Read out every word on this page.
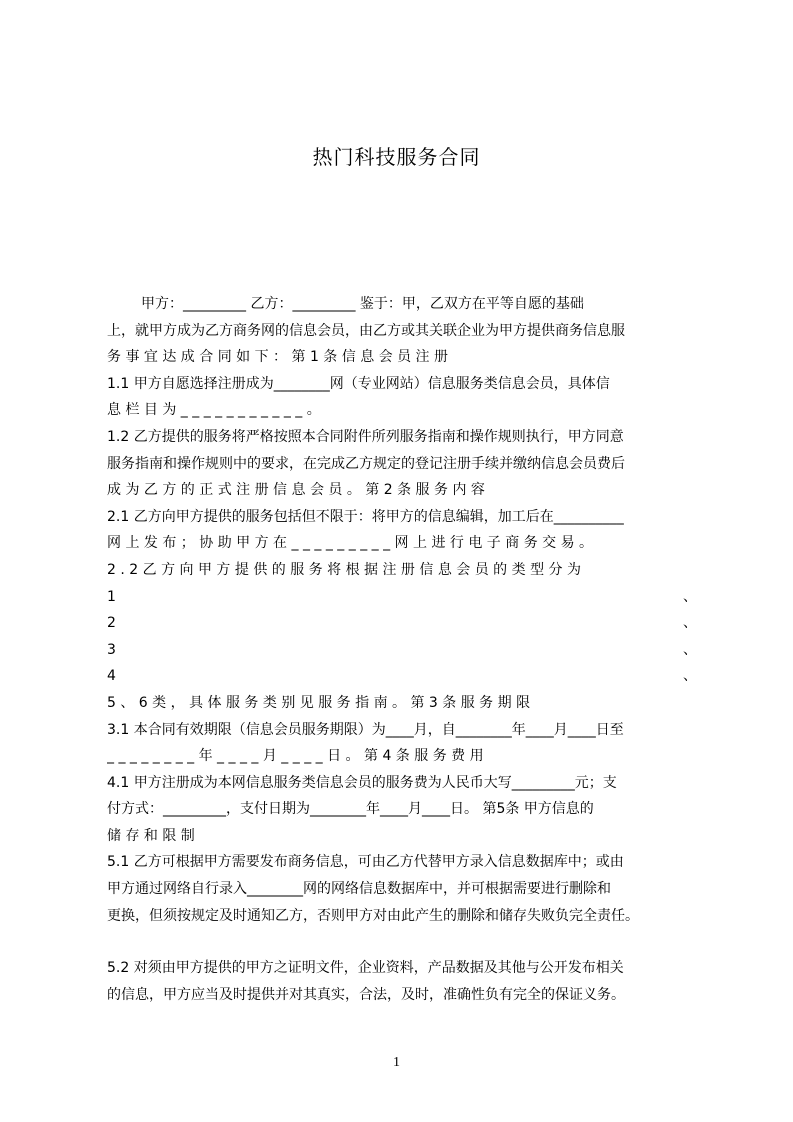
热门科技服务合同
甲方：_________ 乙方：_________ 鉴于：甲，乙双方在平等自愿的基础
上，就甲方成为乙方商务网的信息会员，由乙方或其关联企业为甲方提供商务信息服
务 事 宜 达 成 合 同 如 下 ： 第 1 条 信 息 会 员 注 册
1.1 甲方自愿选择注册成为________网（专业网站）信息服务类信息会员，具体信
息 栏 目 为 _ _ _ _ _ _ _ _ _ _ _ 。
1.2 乙方提供的服务将严格按照本合同附件所列服务指南和操作规则执行，甲方同意
服务指南和操作规则中的要求，在完成乙方规定的登记注册手续并缴纳信息会员费后
成 为 乙 方 的 正 式 注 册 信 息 会 员 。 第 2 条 服 务 内 容
2.1 乙方向甲方提供的服务包括但不限于：将甲方的信息编辑，加工后在__________
网 上 发 布 ； 协 助 甲 方 在 _ _ _ _ _ _ _ _ _ 网 上 进 行 电 子 商 务 交 易 。
2 . 2 乙 方 向 甲 方 提 供 的 服 务 将 根 据 注 册 信 息 会 员 的 类 型 分 为
1	、
2	、
3	、
4	、
5 、 6 类 ， 具 体 服 务 类 别 见 服 务 指 南 。 第 3 条 服 务 期 限
3.1 本合同有效期限（信息会员服务期限）为____月，自________年____月____日至
_ _ _ _ _ _ _ _ 年 _ _ _ _ 月 _ _ _ _ 日 。 第 4 条 服 务 费 用
4.1 甲方注册成为本网信息服务类信息会员的服务费为人民币大写_________元；支
付方式：_________，支付日期为________年____月____日。 第5条 甲方信息的
储 存 和 限 制
5.1 乙方可根据甲方需要发布商务信息，可由乙方代替甲方录入信息数据库中；或由
甲方通过网络自行录入________网的网络信息数据库中，并可根据需要进行删除和
更换，但须按规定及时通知乙方，否则甲方对由此产生的删除和储存失败负完全责任。
5.2 对须由甲方提供的甲方之证明文件，企业资料，产品数据及其他与公开发布相关
的信息，甲方应当及时提供并对其真实，合法，及时，准确性负有完全的保证义务。
1
